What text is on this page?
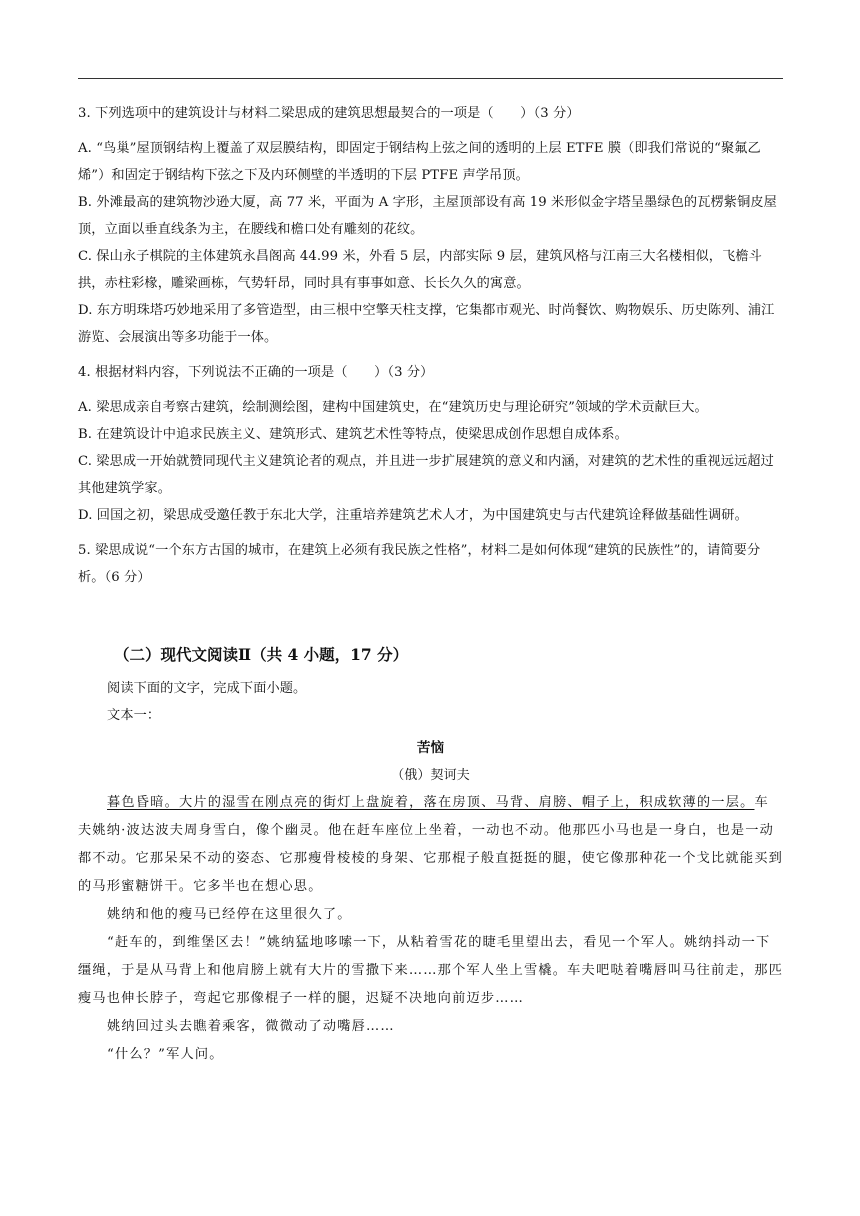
3. 下列选项中的建筑设计与材料二梁思成的建筑思想最契合的一项是（　　）（3 分）

A. “鸟巢”屋顶钢结构上覆盖了双层膜结构，即固定于钢结构上弦之间的透明的上层 ETFE 膜（即我们常说的“聚氟乙烯”）和固定于钢结构下弦之下及内环侧壁的半透明的下层 PTFE 声学吊顶。

B. 外滩最高的建筑物沙逊大厦，高 77 米，平面为 A 字形，主屋顶部设有高 19 米形似金字塔呈墨绿色的瓦楞紫铜皮屋顶，立面以垂直线条为主，在腰线和檐口处有雕刻的花纹。

C. 保山永子棋院的主体建筑永昌阁高 44.99 米，外看 5 层，内部实际 9 层，建筑风格与江南三大名楼相似，飞檐斗拱，赤柱彩椽，雕梁画栋，气势轩昂，同时具有事事如意、长长久久的寓意。

D. 东方明珠塔巧妙地采用了多管造型，由三根中空擎天柱支撑，它集都市观光、时尚餐饮、购物娱乐、历史陈列、浦江游览、会展演出等多功能于一体。

4. 根据材料内容，下列说法不正确的一项是（　　）（3 分）

A. 梁思成亲自考察古建筑，绘制测绘图，建构中国建筑史，在“建筑历史与理论研究”领域的学术贡献巨大。

B. 在建筑设计中追求民族主义、建筑形式、建筑艺术性等特点，使梁思成创作思想自成体系。

C. 梁思成一开始就赞同现代主义建筑论者的观点，并且进一步扩展建筑的意义和内涵，对建筑的艺术性的重视远远超过其他建筑学家。

D. 回国之初，梁思成受邀任教于东北大学，注重培养建筑艺术人才，为中国建筑史与古代建筑诠释做基础性调研。

5. 梁思成说“一个东方古国的城市，在建筑上必须有我民族之性格”，材料二是如何体现“建筑的民族性”的，请简要分析。（6 分）

（二）现代文阅读Ⅱ（共 4 小题，17 分）

阅读下面的文字，完成下面小题。

文本一：

苦恼

（俄）契诃夫

暮色昏暗。大片的湿雪在刚点亮的街灯上盘旋着，落在房顶、马背、肩膀、帽子上，积成软薄的一层。车夫姚纳·波达波夫周身雪白，像个幽灵。他在赶车座位上坐着，一动也不动。他那匹小马也是一身白，也是一动都不动。它那呆呆不动的姿态、它那瘦骨棱棱的身架、它那棍子般直挺挺的腿，使它像那种花一个戈比就能买到的马形蜜糖饼干。它多半也在想心思。

姚纳和他的瘦马已经停在这里很久了。

“赶车的，到维堡区去！”姚纳猛地哆嗦一下，从粘着雪花的睫毛里望出去，看见一个军人。姚纳抖动一下缰绳，于是从马背上和他肩膀上就有大片的雪撒下来……那个军人坐上雪橇。车夫吧哒着嘴唇叫马往前走，那匹瘦马也伸长脖子，弯起它那像棍子一样的腿，迟疑不决地向前迈步……

姚纳回过头去瞧着乘客，微微动了动嘴唇……

“什么？”军人问。
